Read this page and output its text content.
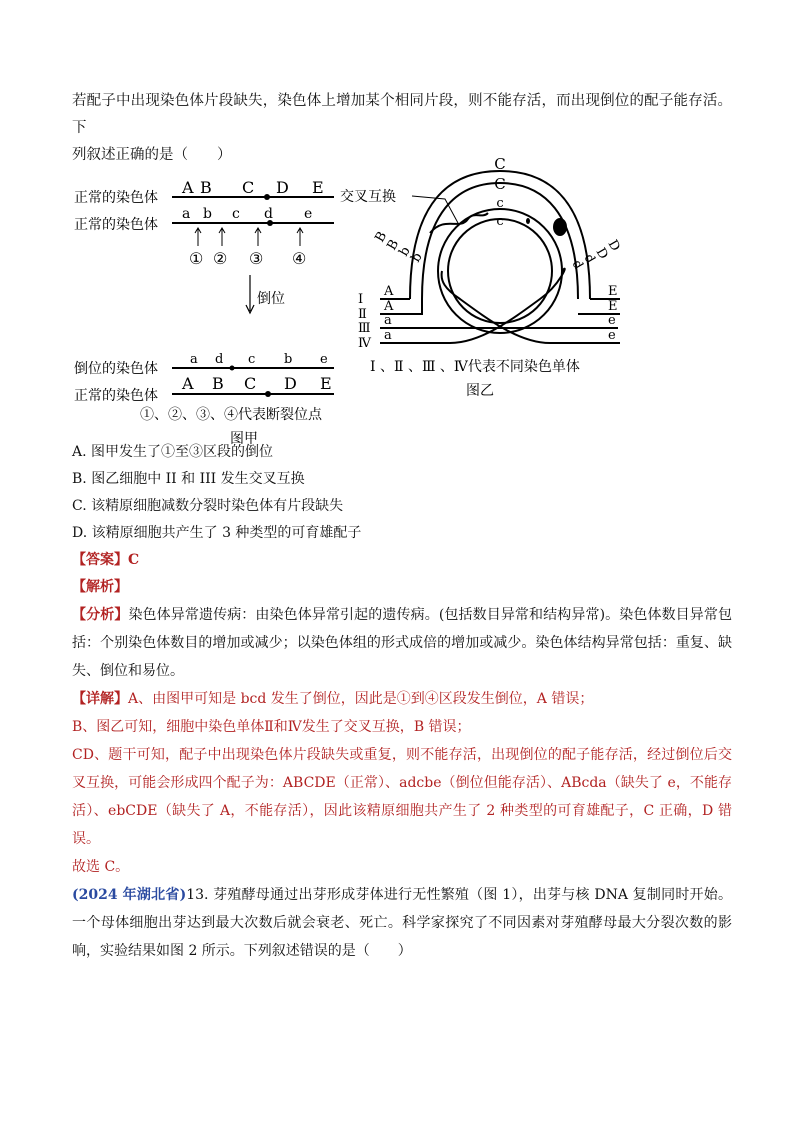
若配子中出现染色体片段缺失，染色体上增加某个相同片段，则不能存活，而出现倒位的配子能存活。下
列叙述正确的是（　　）

正常的染色体
正常的染色体
倒位的染色体
正常的染色体
A B C D E
a b c d e
① ② ③ ④
倒位
a d c b e
A B C D E
①、②、③、④代表断裂位点
图甲
交叉互换
C
C
c
c
B
B
b
b
D
D
d
d
Ⅰ
Ⅱ
Ⅲ
Ⅳ
A
A
a
a
E
E
e
e
Ⅰ 、Ⅱ 、Ⅲ 、Ⅳ代表不同染色单体
图乙

A. 图甲发生了①至③区段的倒位

B. 图乙细胞中 II 和 III 发生交叉互换

C. 该精原细胞减数分裂时染色体有片段缺失

D. 该精原细胞共产生了 3 种类型的可育雄配子

【答案】C

【解析】

【分析】染色体异常遗传病：由染色体异常引起的遗传病。(包括数目异常和结构异常)。染色体数目异常包括：个别染色体数目的增加或减少；以染色体组的形式成倍的增加或减少。染色体结构异常包括：重复、缺失、倒位和易位。

【详解】A、由图甲可知是 bcd 发生了倒位，因此是①到④区段发生倒位，A 错误；

B、图乙可知，细胞中染色单体Ⅱ和Ⅳ发生了交叉互换，B 错误；

CD、题干可知，配子中出现染色体片段缺失或重复，则不能存活，出现倒位的配子能存活，经过倒位后交叉互换，可能会形成四个配子为：ABCDE（正常）、adcbe（倒位但能存活）、ABcda（缺失了 e，不能存活）、ebCDE（缺失了 A，不能存活），因此该精原细胞共产生了 2 种类型的可育雄配子，C 正确，D 错误。

故选 C。

(2024 年湖北省)13. 芽殖酵母通过出芽形成芽体进行无性繁殖（图 1），出芽与核 DNA 复制同时开始。一个母体细胞出芽达到最大次数后就会衰老、死亡。科学家探究了不同因素对芽殖酵母最大分裂次数的影响，实验结果如图 2 所示。下列叙述错误的是（　　）
